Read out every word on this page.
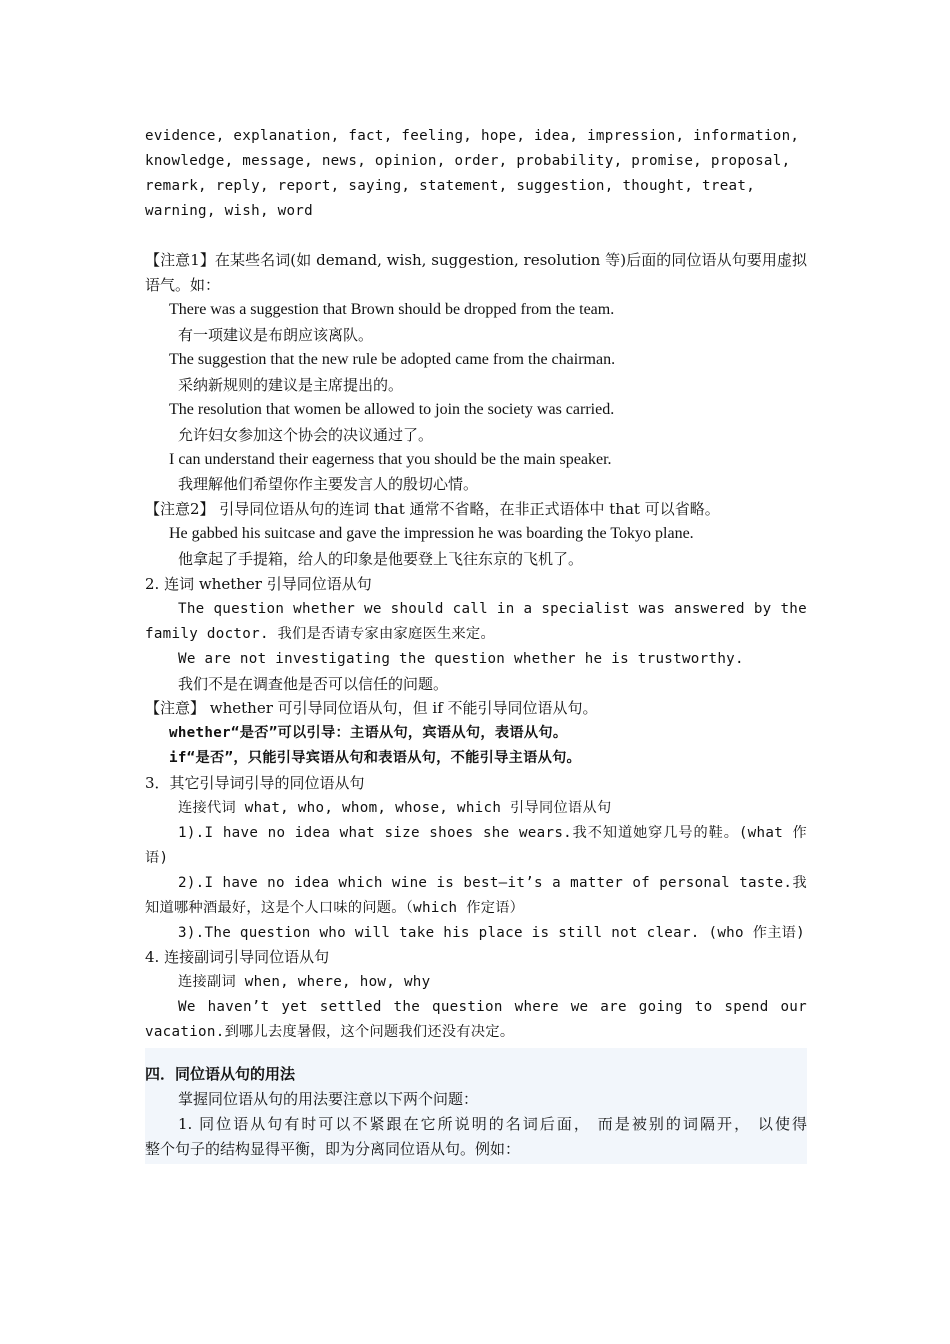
evidence, explanation, fact, feeling, hope, idea, impression, information,
knowledge, message, news, opinion, order, probability, promise, proposal,
remark, reply, report, saying, statement, suggestion, thought, treat,
warning, wish, word
【注意1】在某些名词(如 demand, wish, suggestion, resolution 等)后面的同位语从句要用虚拟
语气。如：
There was a suggestion that Brown should be dropped from the team.
有一项建议是布朗应该离队。
The suggestion that the new rule be adopted came from the chairman.
采纳新规则的建议是主席提出的。
The resolution that women be allowed to join the society was carried.
允许妇女参加这个协会的决议通过了。
I can understand their eagerness that you should be the main speaker.
我理解他们希望你作主要发言人的殷切心情。
【注意2】 引导同位语从句的连词 that 通常不省略，在非正式语体中 that 可以省略。
He gabbed his suitcase and gave the impression he was boarding the Tokyo plane.
他拿起了手提箱，给人的印象是他要登上飞往东京的飞机了。
2. 连词 whether 引导同位语从句
The question whether we should call in a specialist was answered by the
family doctor. 我们是否请专家由家庭医生来定。
We are not investigating the question whether he is trustworthy.
我们不是在调查他是否可以信任的问题。
【注意】 whether 可引导同位语从句，但 if 不能引导同位语从句。
whether“是否”可以引导：主语从句，宾语从句，表语从句。
if“是否”，只能引导宾语从句和表语从句，不能引导主语从句。
3．其它引导词引导的同位语从句
连接代词 what, who, whom, whose, which 引导同位语从句
1).I have no idea what size shoes she wears.我不知道她穿几号的鞋。(what 作
语)
2).I have no idea which wine is best—it’s a matter of personal taste.我
知道哪种酒最好，这是个人口味的问题。（which 作定语）
3).The question who will take his place is still not clear. (who 作主语)
4. 连接副词引导同位语从句
连接副词 when, where, how, why
We haven’t yet settled the question where we are going to spend our
vacation.到哪儿去度暑假，这个问题我们还没有决定。
四．同位语从句的用法
掌握同位语从句的用法要注意以下两个问题：
1. 同位语从句有时可以不紧跟在它所说明的名词后面， 而是被别的词隔开， 以使得
整个句子的结构显得平衡，即为分离同位语从句。例如：
